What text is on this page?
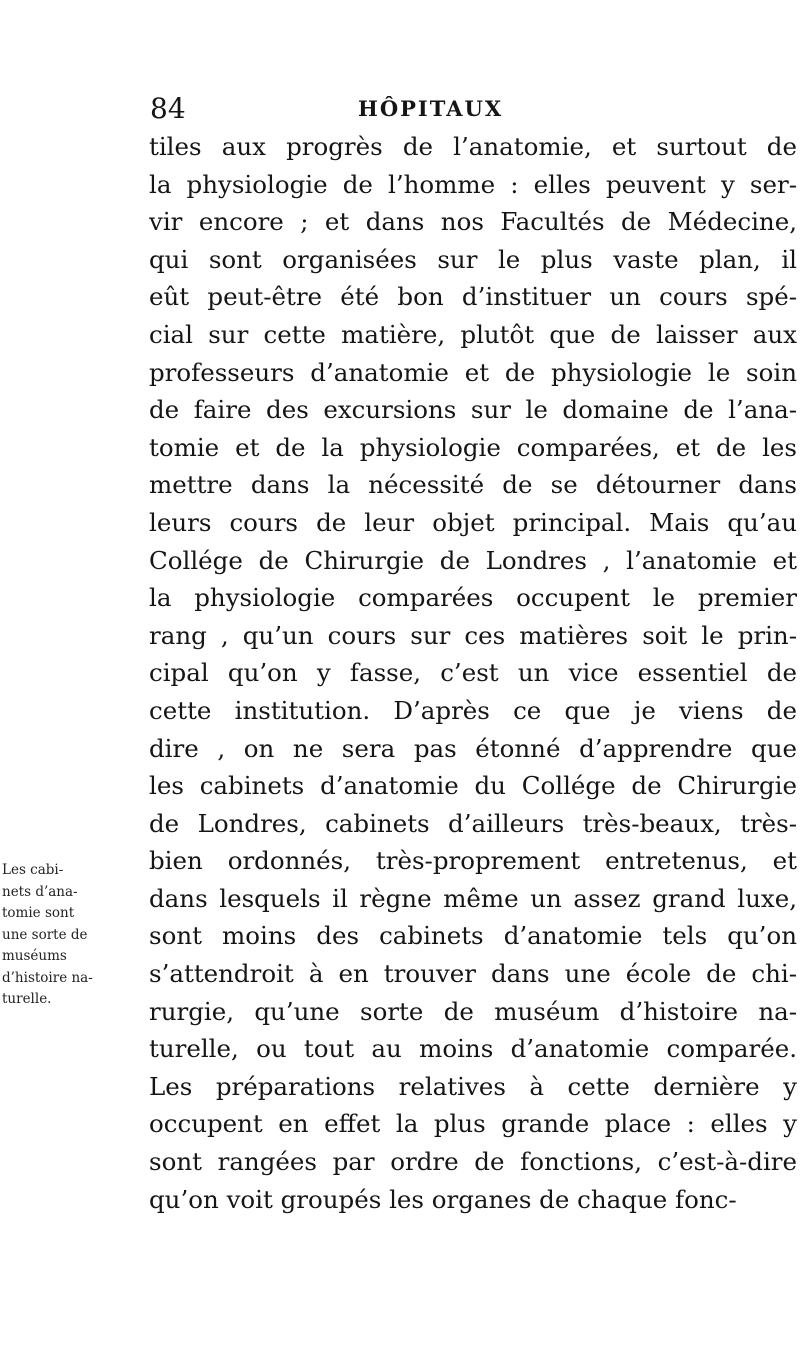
84	HÔPITAUX
tiles aux progrès de l’anatomie, et surtout de
la physiologie de l’homme : elles peuvent y ser-
vir encore ; et dans nos Facultés de Médecine,
qui sont organisées sur le plus vaste plan, il
eût peut-être été bon d’instituer un cours spé-
cial sur cette matière, plutôt que de laisser aux
professeurs d’anatomie et de physiologie le soin
de faire des excursions sur le domaine de l’ana-
tomie et de la physiologie comparées, et de les
mettre dans la nécessité de se détourner dans
leurs cours de leur objet principal. Mais qu’au
Collége de Chirurgie de Londres , l’anatomie et
la physiologie comparées occupent le premier
rang , qu’un cours sur ces matières soit le prin-
cipal qu’on y fasse, c’est un vice essentiel de
cette institution. D’après ce que je viens de
dire , on ne sera pas étonné d’apprendre que
les cabinets d’anatomie du Collége de Chirurgie
de Londres, cabinets d’ailleurs très-beaux, très-
bien ordonnés, très-proprement entretenus, et
dans lesquels il règne même un assez grand luxe,
sont moins des cabinets d’anatomie tels qu’on
s’attendroit à en trouver dans une école de chi-
rurgie, qu’une sorte de muséum d’histoire na-
turelle, ou tout au moins d’anatomie comparée.
Les préparations relatives à cette dernière y
occupent en effet la plus grande place : elles y
sont rangées par ordre de fonctions, c’est-à-dire
qu’on voit groupés les organes de chaque fonc-
Les cabi-
nets d’ana-
tomie sont
une sorte de
muséums
d’histoire na-
turelle.
